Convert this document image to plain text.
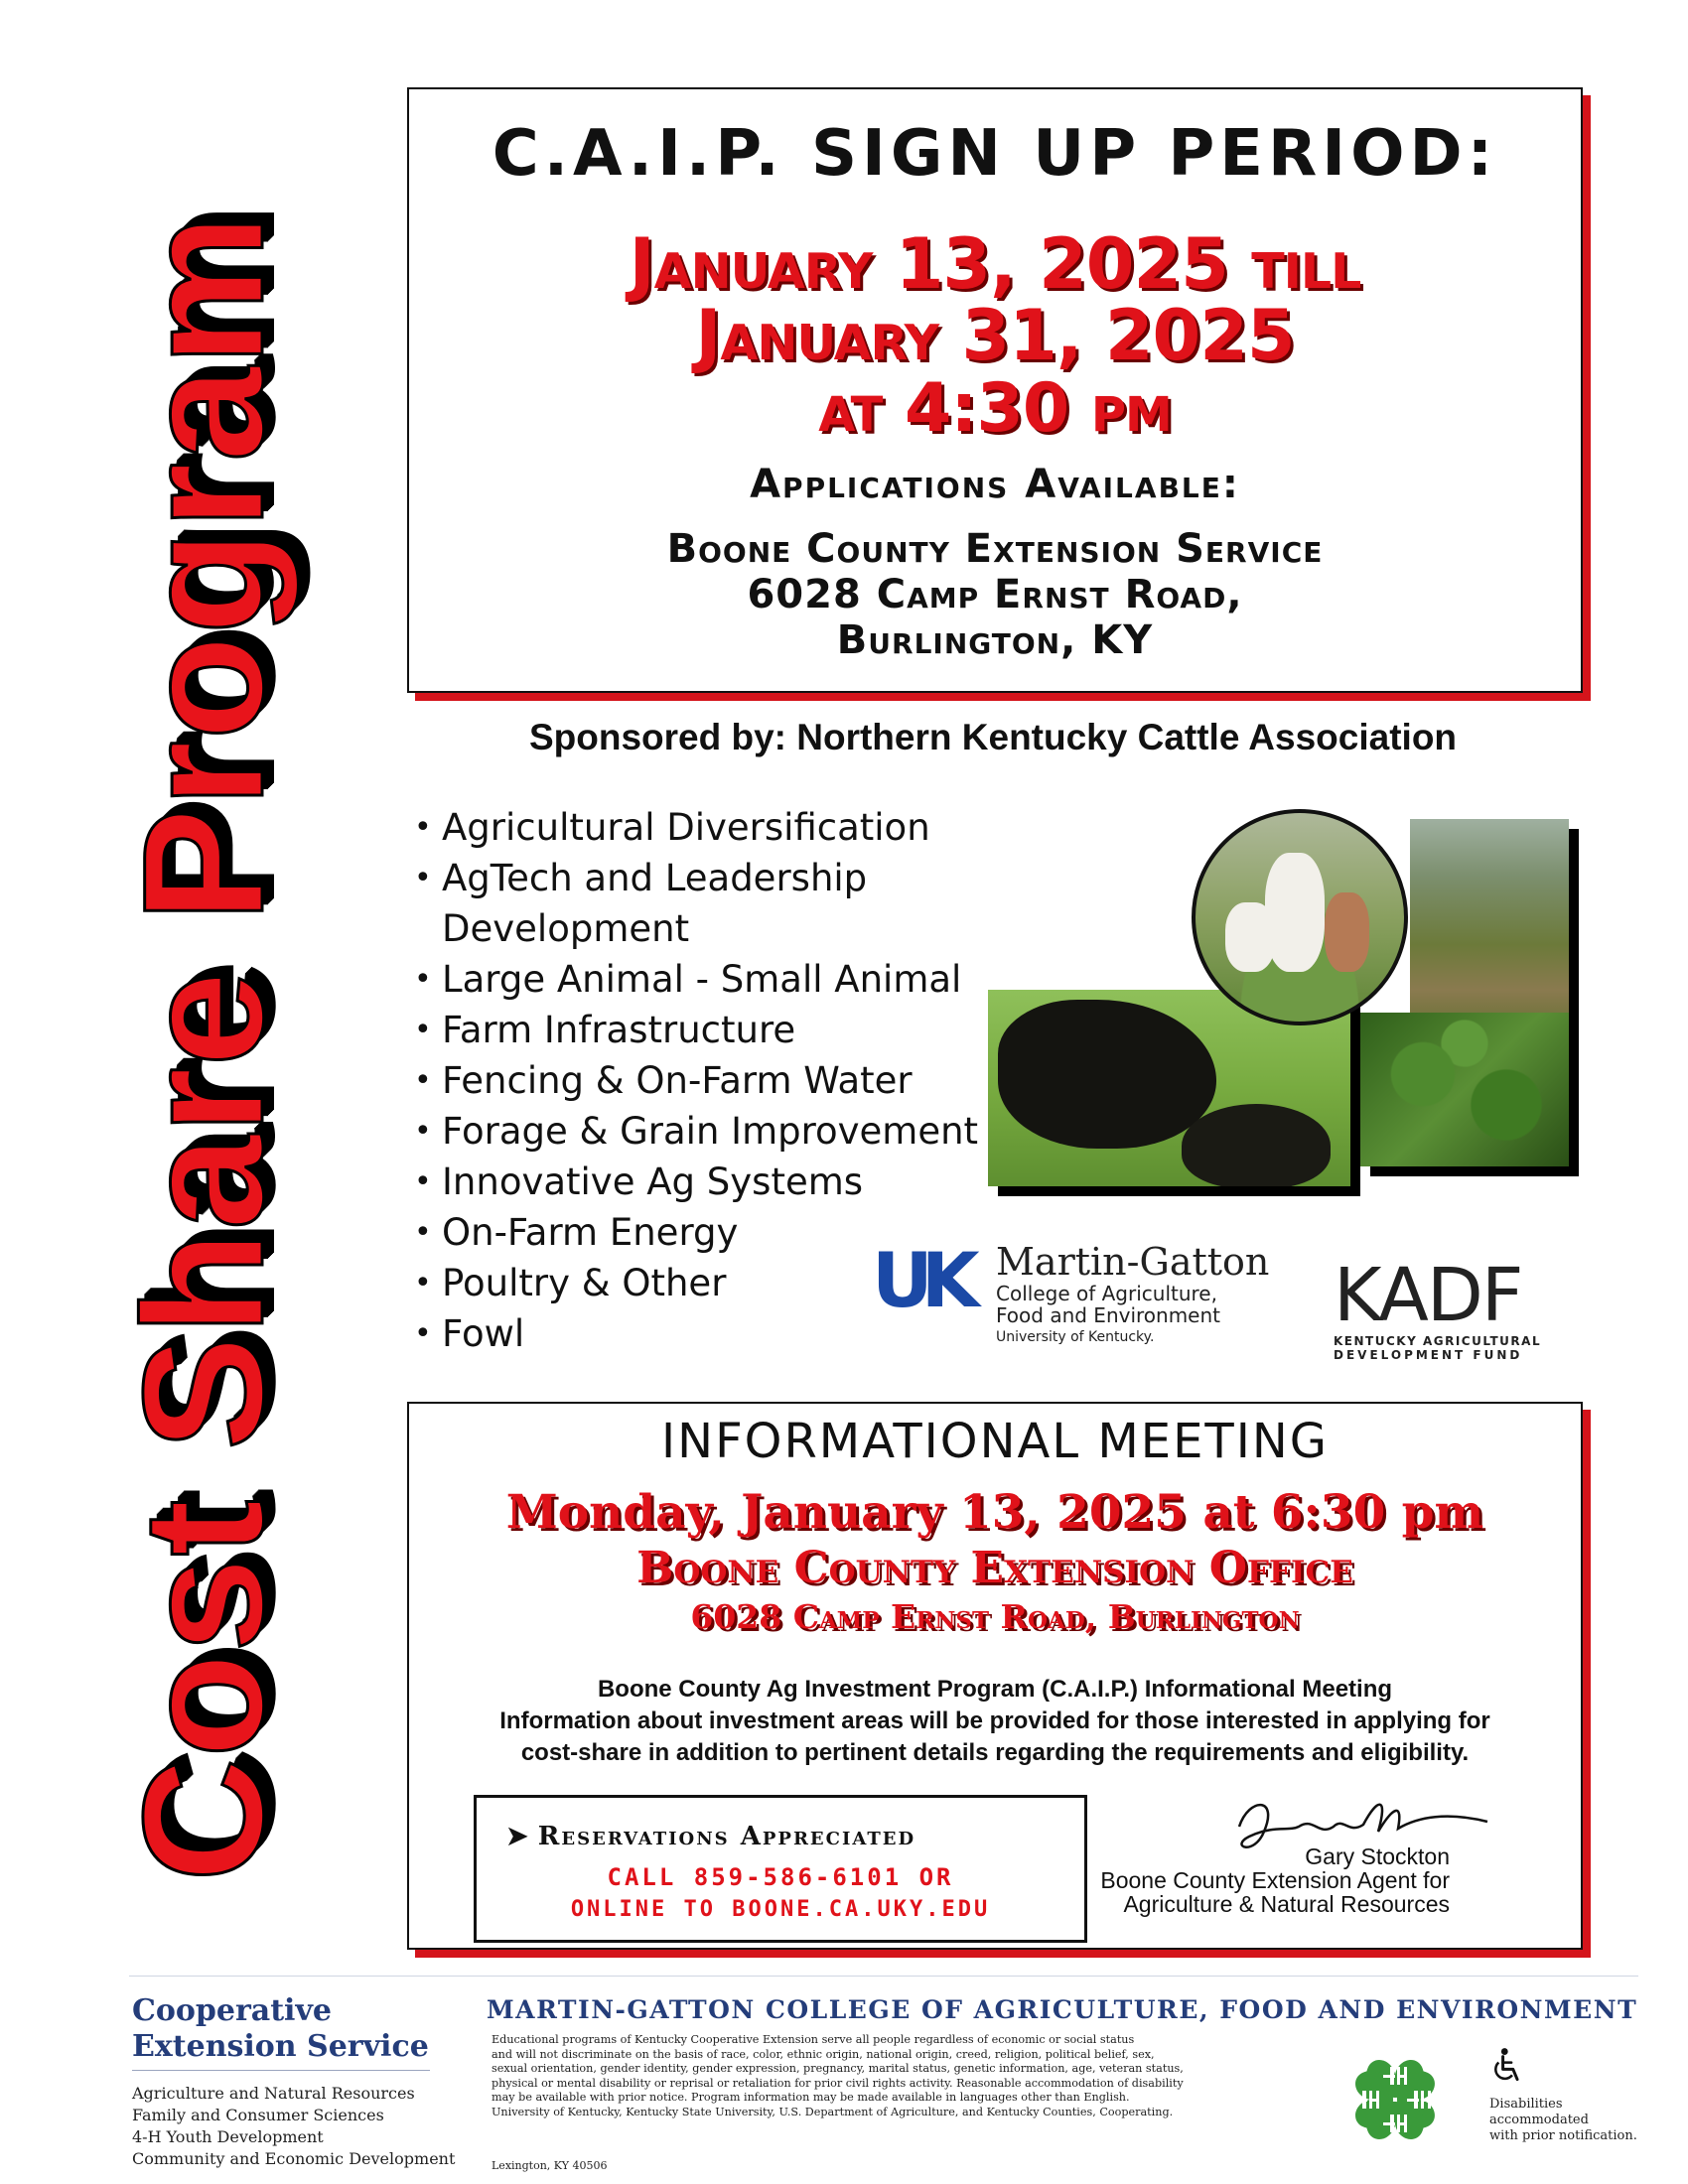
Cost Share Program
C.A.I.P. SIGN UP PERIOD:
January 13, 2025 till
January 31, 2025
at 4:30 pm
Applications Available:
Boone County Extension Service
6028 Camp Ernst Road,
Burlington, KY
Sponsored by: Northern Kentucky Cattle Association
• Agricultural Diversification
• AgTech and Leadership Development
• Large Animal - Small Animal
• Farm Infrastructure
• Fencing & On-Farm Water
• Forage & Grain Improvement
• Innovative Ag Systems
• On-Farm Energy
• Poultry & Other
• Fowl
UK Martin-Gatton
College of Agriculture,
Food and Environment
University of Kentucky. KADF
KENTUCKY AGRICULTURAL
DEVELOPMENT FUND
INFORMATIONAL MEETING
Monday, January 13, 2025 at 6:30 pm
Boone County Extension Office
6028 Camp Ernst Road, Burlington
Boone County Ag Investment Program (C.A.I.P.) Informational Meeting
Information about investment areas will be provided for those interested in applying for
cost-share in addition to pertinent details regarding the requirements and eligibility.
➤ Reservations Appreciated
CALL 859-586-6101 OR
ONLINE TO BOONE.CA.UKY.EDU
Gary Stockton
Boone County Extension Agent for
Agriculture & Natural Resources
Cooperative
Extension Service
Agriculture and Natural Resources
Family and Consumer Sciences
4-H Youth Development
Community and Economic Development
MARTIN-GATTON COLLEGE OF AGRICULTURE, FOOD AND ENVIRONMENT
Educational programs of Kentucky Cooperative Extension serve all people regardless of economic or social status
and will not discriminate on the basis of race, color, ethnic origin, national origin, creed, religion, political belief, sex,
sexual orientation, gender identity, gender expression, pregnancy, marital status, genetic information, age, veteran status,
physical or mental disability or reprisal or retaliation for prior civil rights activity. Reasonable accommodation of disability
may be available with prior notice. Program information may be made available in languages other than English.
University of Kentucky, Kentucky State University, U.S. Department of Agriculture, and Kentucky Counties, Cooperating.
Lexington, KY 40506
Disabilities
accommodated
with prior notification.
